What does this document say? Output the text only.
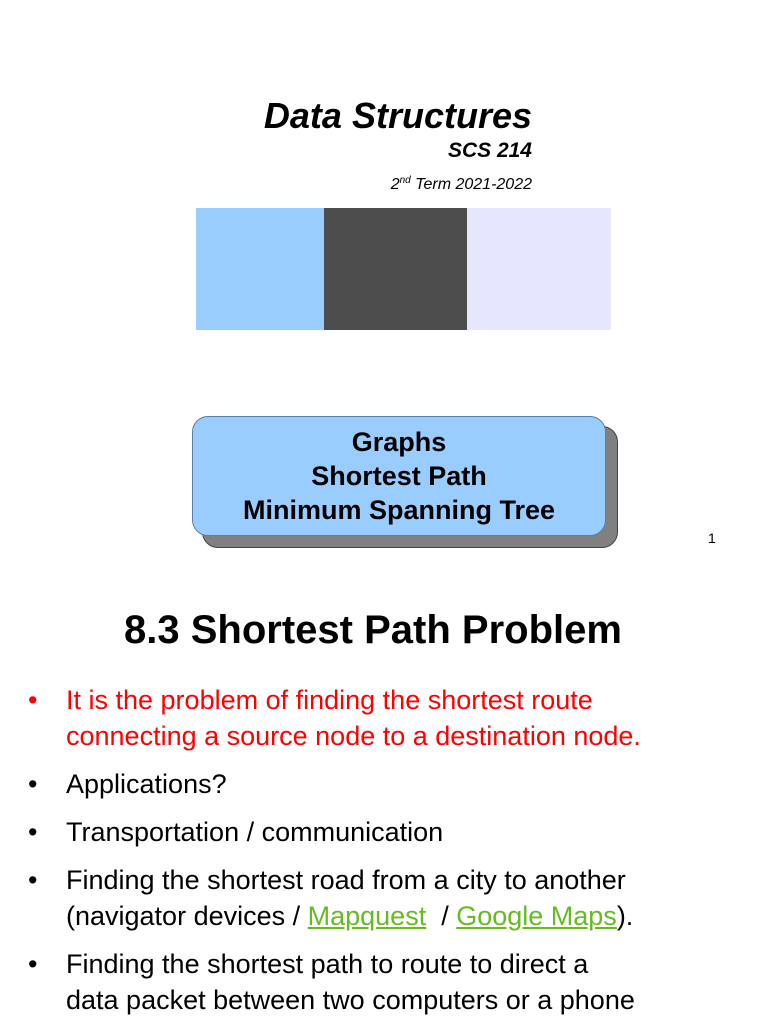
Data Structures
SCS 214
2nd Term 2021-2022
Graphs
Shortest Path
Minimum Spanning Tree
1
8.3 Shortest Path Problem
•	It is the problem of finding the shortest route
connecting a source node to a destination node.
•	Applications?
•	Transportation / communication
•	Finding the shortest road from a city to another
(navigator devices / Mapquest  / Google Maps).
•	Finding the shortest path to route to direct a
data packet between two computers or a phone
